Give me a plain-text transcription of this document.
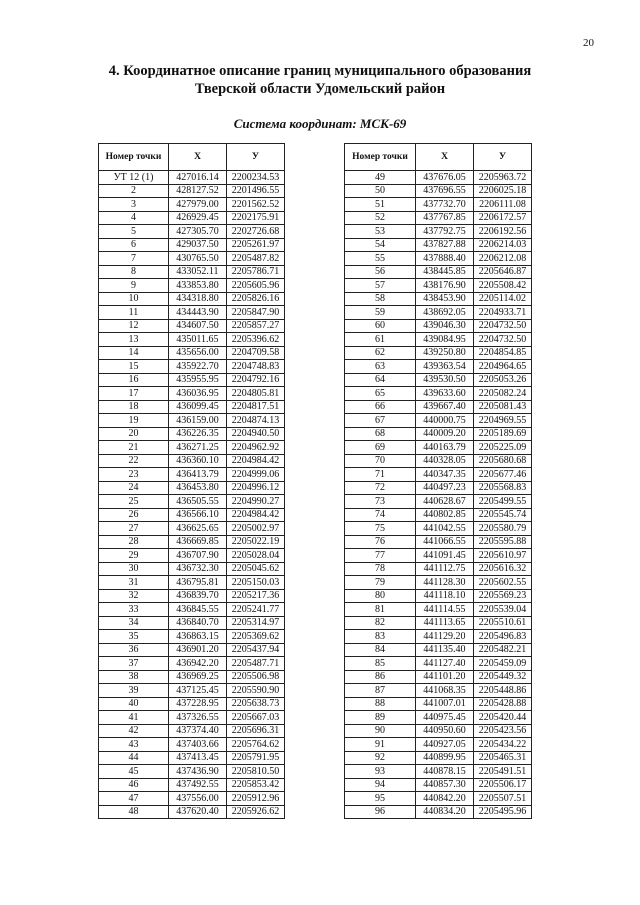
20
4. Координатное описание границ муниципального образования
Тверской области Удомельский район
Система координат: МСК-69
Номер точки	X	У
УТ 12 (1)	427016.14	2200234.53
2	428127.52	2201496.55
3	427979.00	2201562.52
4	426929.45	2202175.91
5	427305.70	2202726.68
6	429037.50	2205261.97
7	430765.50	2205487.82
8	433052.11	2205786.71
9	433853.80	2205605.96
10	434318.80	2205826.16
11	434443.90	2205847.90
12	434607.50	2205857.27
13	435011.65	2205396.62
14	435656.00	2204709.58
15	435922.70	2204748.83
16	435955.95	2204792.16
17	436036.95	2204805.81
18	436099.45	2204817.51
19	436159.00	2204874.13
20	436226.35	2204940.50
21	436271.25	2204962.92
22	436360.10	2204984.42
23	436413.79	2204999.06
24	436453.80	2204996.12
25	436505.55	2204990.27
26	436566.10	2204984.42
27	436625.65	2205002.97
28	436669.85	2205022.19
29	436707.90	2205028.04
30	436732.30	2205045.62
31	436795.81	2205150.03
32	436839.70	2205217.36
33	436845.55	2205241.77
34	436840.70	2205314.97
35	436863.15	2205369.62
36	436901.20	2205437.94
37	436942.20	2205487.71
38	436969.25	2205506.98
39	437125.45	2205590.90
40	437228.95	2205638.73
41	437326.55	2205667.03
42	437374.40	2205696.31
43	437403.66	2205764.62
44	437413.45	2205791.95
45	437436.90	2205810.50
46	437492.55	2205853.42
47	437556.00	2205912.96
48	437620.40	2205926.62
Номер точки	X	У
49	437676.05	2205963.72
50	437696.55	2206025.18
51	437732.70	2206111.08
52	437767.85	2206172.57
53	437792.75	2206192.56
54	437827.88	2206214.03
55	437888.40	2206212.08
56	438445.85	2205646.87
57	438176.90	2205508.42
58	438453.90	2205114.02
59	438692.05	2204933.71
60	439046.30	2204732.50
61	439084.95	2204732.50
62	439250.80	2204854.85
63	439363.54	2204964.65
64	439530.50	2205053.26
65	439633.60	2205082.24
66	439667.40	2205081.43
67	440000.75	2204969.55
68	440009.20	2205189.69
69	440163.79	2205225.09
70	440328.05	2205680.68
71	440347.35	2205677.46
72	440497.23	2205568.83
73	440628.67	2205499.55
74	440802.85	2205545.74
75	441042.55	2205580.79
76	441066.55	2205595.88
77	441091.45	2205610.97
78	441112.75	2205616.32
79	441128.30	2205602.55
80	441118.10	2205569.23
81	441114.55	2205539.04
82	441113.65	2205510.61
83	441129.20	2205496.83
84	441135.40	2205482.21
85	441127.40	2205459.09
86	441101.20	2205449.32
87	441068.35	2205448.86
88	441007.01	2205428.88
89	440975.45	2205420.44
90	440950.60	2205423.56
91	440927.05	2205434.22
92	440899.95	2205465.31
93	440878.15	2205491.51
94	440857.30	2205506.17
95	440842.20	2205507.51
96	440834.20	2205495.96
